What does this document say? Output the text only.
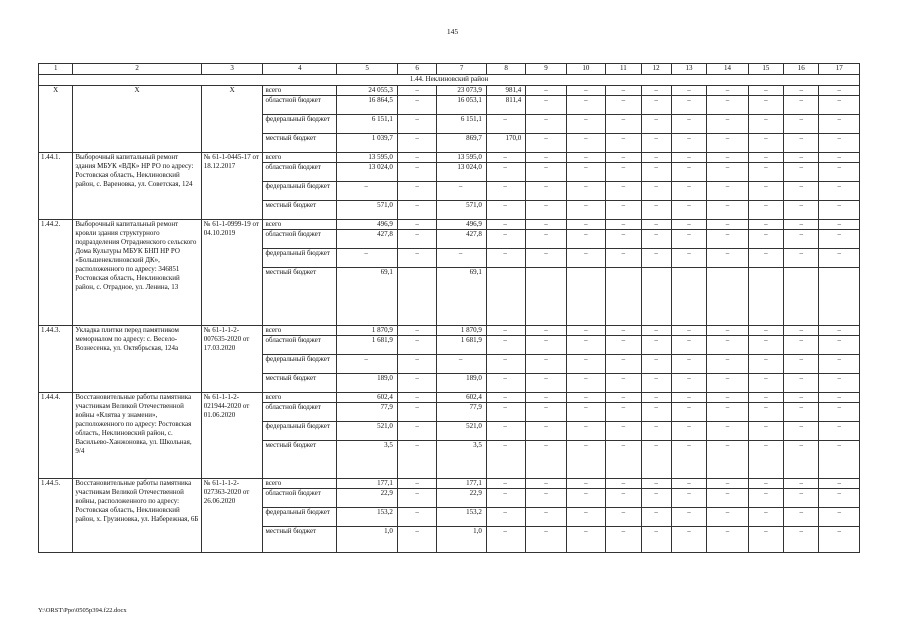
145
1	2	3	4	5	6	7	8	9	10	11	12	13	14	15	16	17
1.44. Неклиновский район																
X	X	X	всего	24 055,3	–	23 073,9	981,4	–	–	–	–	–	–	–	–	–
			областной бюджет	16 864,5	–	16 053,1	811,4	–	–	–	–	–	–	–	–	–
			федеральный бюджет	6 151,1	–	6 151,1	–	–	–	–	–	–	–	–	–	–
			местный бюджет	1 039,7	–	869,7	170,0	–	–	–	–	–	–	–	–	–
1.44.1.	Выборочный капитальный ремонт здания МБУК «ВДК» НР РО по адресу: Ростовская область, Неклиновский район, с. Вареновка, ул. Советская, 124	№ 61-1-0445-17 от 18.12.2017	всего	13 595,0	–	13 595,0	–	–	–	–	–	–	–	–	–	–
			областной бюджет	13 024,0	–	13 024,0	–	–	–	–	–	–	–	–	–	–
			федеральный бюджет	–	–	–	–	–	–	–	–	–	–	–	–	–
			местный бюджет	571,0	–	571,0	–	–	–	–	–	–	–	–	–	–
1.44.2.	Выборочный капитальный ремонт кровли здания структурного подразделения Отрадненского сельского Дома Культуры МБУК БНП НР РО «Большенеклиновский ДК», расположенного по адресу: 346851 Ростовская область, Неклиновский район, с. Отрадное, ул. Ленина, 13	№ 61-1-0999-19 от 04.10.2019	всего	496,9	–	496,9	–	–	–	–	–	–	–	–	–	–
			областной бюджет	427,8	–	427,8	–	–	–	–	–	–	–	–	–	–
			федеральный бюджет	–	–	–	–	–	–	–	–	–	–	–	–	–
			местный бюджет	69,1		69,1										
1.44.3.	Укладка плитки перед памятником мемориалом по адресу: с. Весело-Вознесенка, ул. Октябрьская, 124а	№ 61-1-1-2-007635-2020 от 17.03.2020	всего	1 870,9	–	1 870,9	–	–	–	–	–	–	–	–	–	–
			областной бюджет	1 681,9	–	1 681,9	–	–	–	–	–	–	–	–	–	–
			федеральный бюджет	–	–	–	–	–	–	–	–	–	–	–	–	–
			местный бюджет	189,0	–	189,0	–	–	–	–	–	–	–	–	–	–
1.44.4.	Восстановительные работы памятника участникам Великой Отечественной войны «Клятва у знамени», расположенного по адресу: Ростовская область, Неклиновский район, с. Васильево-Ханжоновка, ул. Школьная, 9/4	№ 61-1-1-2-021944-2020 от 01.06.2020	всего	602,4	–	602,4	–	–	–	–	–	–	–	–	–	–
			областной бюджет	77,9	–	77,9	–	–	–	–	–	–	–	–	–	–
			федеральный бюджет	521,0	–	521,0	–	–	–	–	–	–	–	–	–	–
			местный бюджет	3,5	–	3,5	–	–	–	–	–	–	–	–	–	–
1.44.5.	Восстановительные работы памятника участникам Великой Отечественной войны, расположенного по адресу: Ростовская область, Неклиновский район, х. Грузиновка, ул. Набережная, 6Б	№ 61-1-1-2-027363-2020 от 26.06.2020	всего	177,1	–	177,1	–	–	–	–	–	–	–	–	–	–
			областной бюджет	22,9	–	22,9	–	–	–	–	–	–	–	–	–	–
			федеральный бюджет	153,2	–	153,2	–	–	–	–	–	–	–	–	–	–
			местный бюджет	1,0	–	1,0	–	–	–	–	–	–	–	–	–	–
Y:\ORST\Ppo\0505p394.f22.docx
